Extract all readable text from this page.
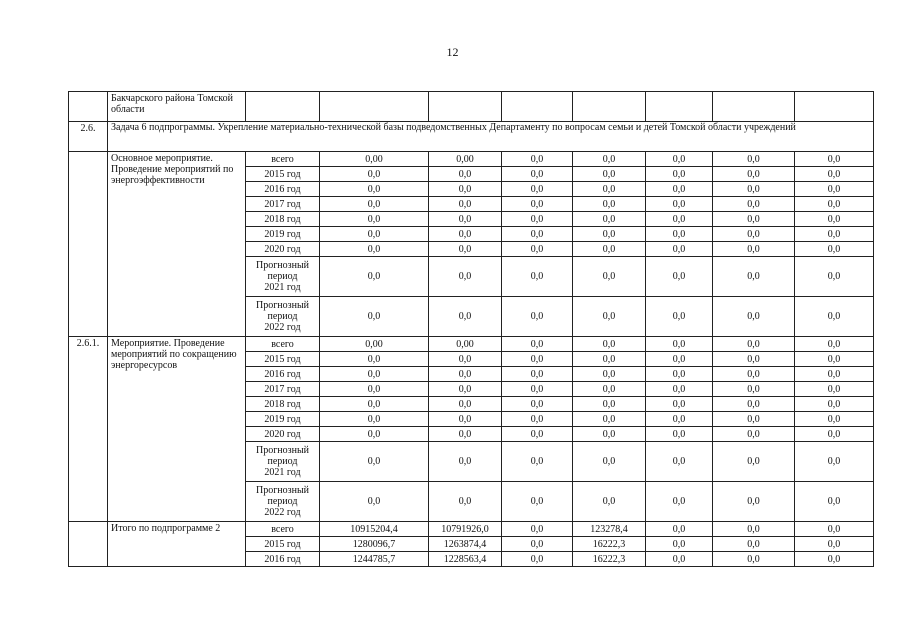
12
	Бакчарского района Томской области								
2.6.	Задача 6 подпрограммы. Укрепление материально-технической базы подведомственных Департаменту по вопросам семьи и детей Томской области учреждений								
	Основное мероприятие. Проведение мероприятий по энергоэффективности	всего	0,00	0,00	0,0	0,0	0,0	0,0	0,0
		2015 год	0,0	0,0	0,0	0,0	0,0	0,0	0,0
		2016 год	0,0	0,0	0,0	0,0	0,0	0,0	0,0
		2017 год	0,0	0,0	0,0	0,0	0,0	0,0	0,0
		2018 год	0,0	0,0	0,0	0,0	0,0	0,0	0,0
		2019 год	0,0	0,0	0,0	0,0	0,0	0,0	0,0
		2020 год	0,0	0,0	0,0	0,0	0,0	0,0	0,0

		Прогнозный
период
2021 год	0,0	0,0	0,0	0,0	0,0	0,0	0,0

		Прогнозный
период
2022 год	0,0	0,0	0,0	0,0	0,0	0,0	0,0
2.6.1.	Мероприятие. Проведение мероприятий по сокращению энергоресурсов	всего	0,00	0,00	0,0	0,0	0,0	0,0	0,0
		2015 год	0,0	0,0	0,0	0,0	0,0	0,0	0,0
		2016 год	0,0	0,0	0,0	0,0	0,0	0,0	0,0
		2017 год	0,0	0,0	0,0	0,0	0,0	0,0	0,0
		2018 год	0,0	0,0	0,0	0,0	0,0	0,0	0,0
		2019 год	0,0	0,0	0,0	0,0	0,0	0,0	0,0
		2020 год	0,0	0,0	0,0	0,0	0,0	0,0	0,0

		Прогнозный
период
2021 год	0,0	0,0	0,0	0,0	0,0	0,0	0,0

		Прогнозный
период
2022 год	0,0	0,0	0,0	0,0	0,0	0,0	0,0
	Итого по подпрограмме 2	всего	10915204,4	10791926,0	0,0	123278,4	0,0	0,0	0,0
		2015 год	1280096,7	1263874,4	0,0	16222,3	0,0	0,0	0,0
		2016 год	1244785,7	1228563,4	0,0	16222,3	0,0	0,0	0,0
